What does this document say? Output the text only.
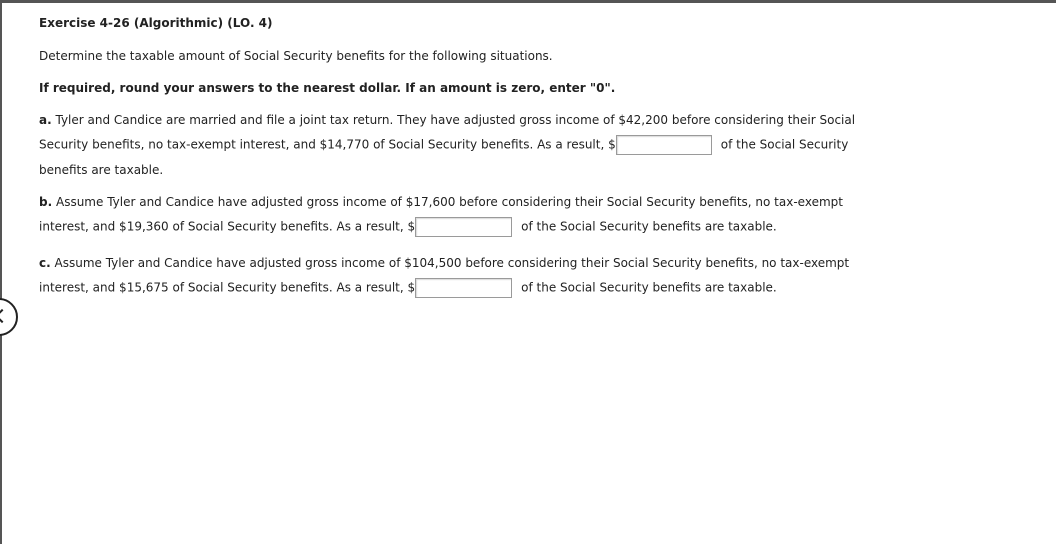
Exercise 4-26 (Algorithmic) (LO. 4)
Determine the taxable amount of Social Security benefits for the following situations.
If required, round your answers to the nearest dollar. If an amount is zero, enter "0".
a. Tyler and Candice are married and file a joint tax return. They have adjusted gross income of $42,200 before considering their Social
Security benefits, no tax-exempt interest, and $14,770 of Social Security benefits. As a result, $	of the Social Security
benefits are taxable.
b. Assume Tyler and Candice have adjusted gross income of $17,600 before considering their Social Security benefits, no tax-exempt
interest, and $19,360 of Social Security benefits. As a result, $	of the Social Security benefits are taxable.
c. Assume Tyler and Candice have adjusted gross income of $104,500 before considering their Social Security benefits, no tax-exempt
interest, and $15,675 of Social Security benefits. As a result, $	of the Social Security benefits are taxable.
